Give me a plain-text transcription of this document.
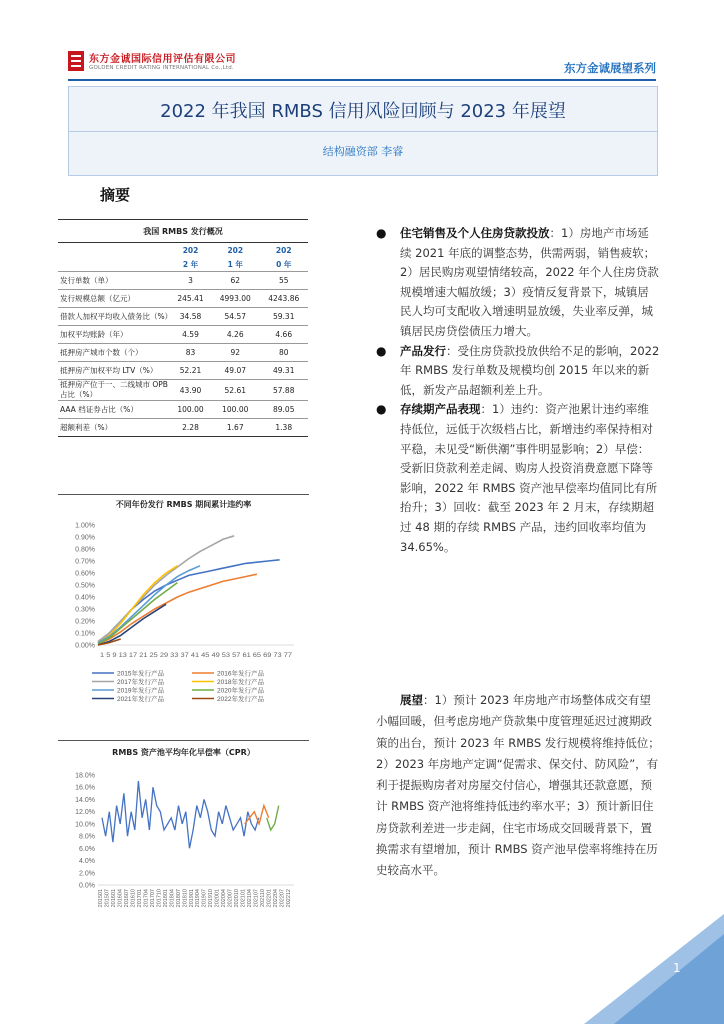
东方金诚国际信用评估有限公司
GOLDEN CREDIT RATING INTERNATIONAL Co.,Ltd.	东方金诚展望系列
2022 年我国 RMBS 信用风险回顾与 2023 年展望
结构融资部 李睿
摘要
我国 RMBS 发行概况			
	202	202	202
	2 年	1 年	0 年
发行单数（单）	3	62	55
发行规模总额（亿元）	245.41	4993.00	4243.86
借款人加权平均收入债务比（%）	34.58	54.57	59.31
加权平均账龄（年）	4.59	4.26	4.66
抵押房产城市个数（个）	83	92	80
抵押房产加权平均 LTV（%）	52.21	49.07	49.31
抵押房产位于一、二线城市 OPB 占比（%）	43.90	52.61	57.88
AAA 档证券占比（%）	100.00	100.00	89.05
超额利差（%）	2.28	1.67	1.38
不同年份发行 RMBS 期间累计违约率
0.00%
0.10%
0.20%
0.30%
0.40%
0.50%
0.60%
0.70%
0.80%
0.90%
1.00%
1 5 9 13 17 21 25 29 33 37 41 45 49 53 57 61 65 69 73 77
2015年发行产品	2016年发行产品
2017年发行产品	2018年发行产品
2019年发行产品	2020年发行产品
2021年发行产品	2022年发行产品
RMBS 资产池平均年化早偿率（CPR）
0.0%
2.0%
4.0%
6.0%
8.0%
10.0%
12.0%
14.0%
16.0%
18.0%
201501 201507 201601 201604 201607 201610 201701 201704 201707 201710 201801 201804 201807 201810 201901 201904 201907 201910 202001 202004 202007 202010 202101 202104 202107 202110 202201 202204 202207 202212
● 住宅销售及个人住房贷款投放：1）房地产市场延续 2021 年底的调整态势，供需两弱，销售疲软；2）居民购房观望情绪较高，2022 年个人住房贷款规模增速大幅放缓；3）疫情反复背景下，城镇居民人均可支配收入增速明显放缓，失业率反弹，城镇居民房贷偿债压力增大。
● 产品发行：受住房贷款投放供给不足的影响，2022 年 RMBS 发行单数及规模均创 2015 年以来的新低，新发产品超额利差上升。
● 存续期产品表现：1）违约：资产池累计违约率维持低位，远低于次级档占比，新增违约率保持相对平稳，未见受“断供潮”事件明显影响；2）早偿：受新旧贷款利差走阔、购房人投资消费意愿下降等影响，2022 年 RMBS 资产池早偿率均值同比有所抬升；3）回收：截至 2023 年 2 月末，存续期超过 48 期的存续 RMBS 产品，违约回收率均值为 34.65%。
展望：1）预计 2023 年房地产市场整体成交有望小幅回暖，但考虑房地产贷款集中度管理延迟过渡期政策的出台，预计 2023 年 RMBS 发行规模将维持低位；2）2023 年房地产定调“促需求、保交付、防风险”，有利于提振购房者对房屋交付信心，增强其还款意愿，预计 RMBS 资产池将维持低违约率水平；3）预计新旧住房贷款利差进一步走阔，住宅市场成交回暖背景下，置换需求有望增加，预计 RMBS 资产池早偿率将维持在历史较高水平。
1
